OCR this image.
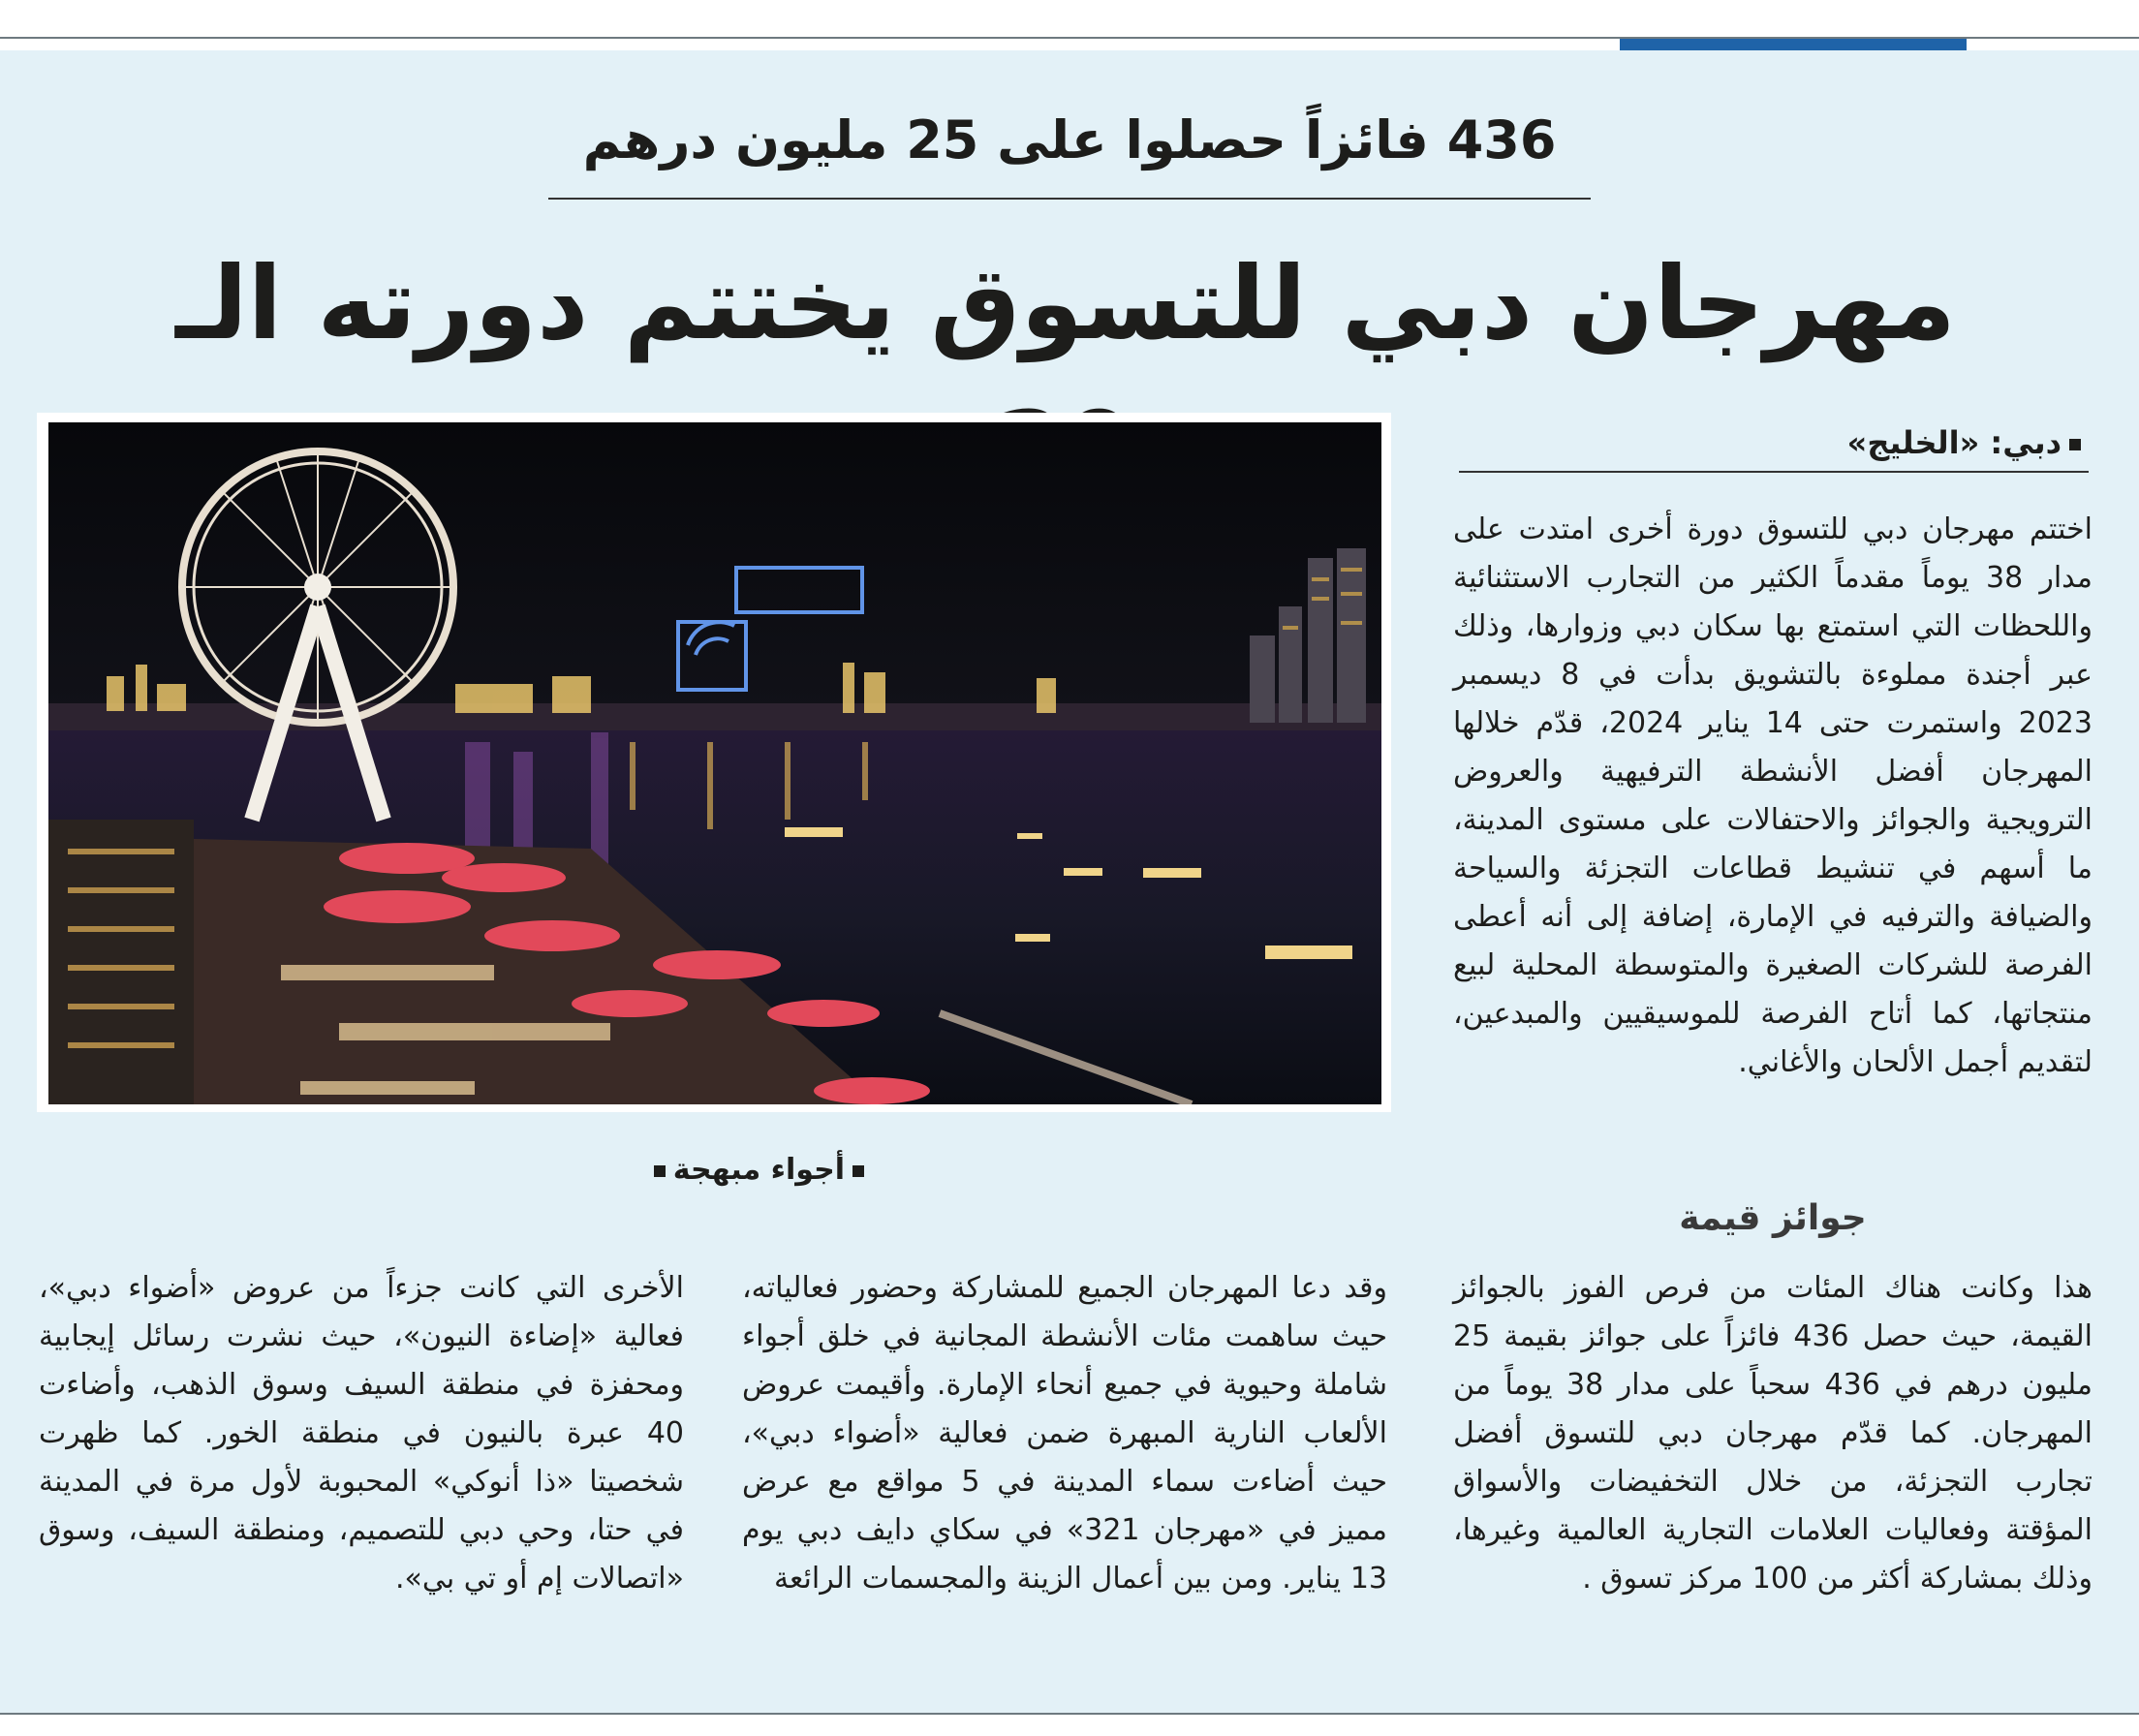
436 فائزاً حصلوا على 25 مليون درهم
مهرجان دبي للتسوق يختتم دورته الـ
أجواء مبهجة
دبي: «الخليج»

اختتم مهرجان دبي للتسوق دورة أخرى امتدت على مدار 38 يوماً مقدماً الكثير من التجارب الاستثنائية واللحظات التي استمتع بها سكان دبي وزوارها، وذلك عبر أجندة مملوءة بالتشويق بدأت في 8 ديسمبر 2023 واستمرت حتى 14 يناير 2024، قدّم خلالها المهرجان أفضل الأنشطة الترفيهية والعروض الترويجية والجوائز والاحتفالات على مستوى المدينة، ما أسهم في تنشيط قطاعات التجزئة والسياحة والضيافة والترفيه في الإمارة، إضافة إلى أنه أعطى الفرصة للشركات الصغيرة والمتوسطة المحلية لبيع منتجاتها، كما أتاح الفرصة للموسيقيين والمبدعين، لتقديم أجمل الألحان والأغاني.

جوائز قيمة

هذا وكانت هناك المئات من فرص الفوز بالجوائز القيمة، حيث حصل 436 فائزاً على جوائز بقيمة 25 مليون درهم في 436 سحباً على مدار 38 يوماً من المهرجان. كما قدّم مهرجان دبي للتسوق أفضل تجارب التجزئة، من خلال التخفيضات والأسواق المؤقتة وفعاليات العلامات التجارية العالمية وغيرها، وذلك بمشاركة أكثر من 100 مركز تسوق .

وقد دعا المهرجان الجميع للمشاركة وحضور فعالياته، حيث ساهمت مئات الأنشطة المجانية في خلق أجواء شاملة وحيوية في جميع أنحاء الإمارة. وأقيمت عروض الألعاب النارية المبهرة ضمن فعالية «أضواء دبي»، حيث أضاءت سماء المدينة في 5 مواقع مع عرض مميز في «مهرجان 321» في سكاي دايف دبي يوم 13 يناير. ومن بين أعمال الزينة والمجسمات الرائعة

الأخرى التي كانت جزءاً من عروض «أضواء دبي»، فعالية «إضاءة النيون»، حيث نشرت رسائل إيجابية ومحفزة في منطقة السيف وسوق الذهب، وأضاءت 40 عبرة بالنيون في منطقة الخور. كما ظهرت شخصيتا «ذا أنوكي» المحبوبة لأول مرة في المدينة في حتا، وحي دبي للتصميم، ومنطقة السيف، وسوق «اتصالات إم أو تي بي».
